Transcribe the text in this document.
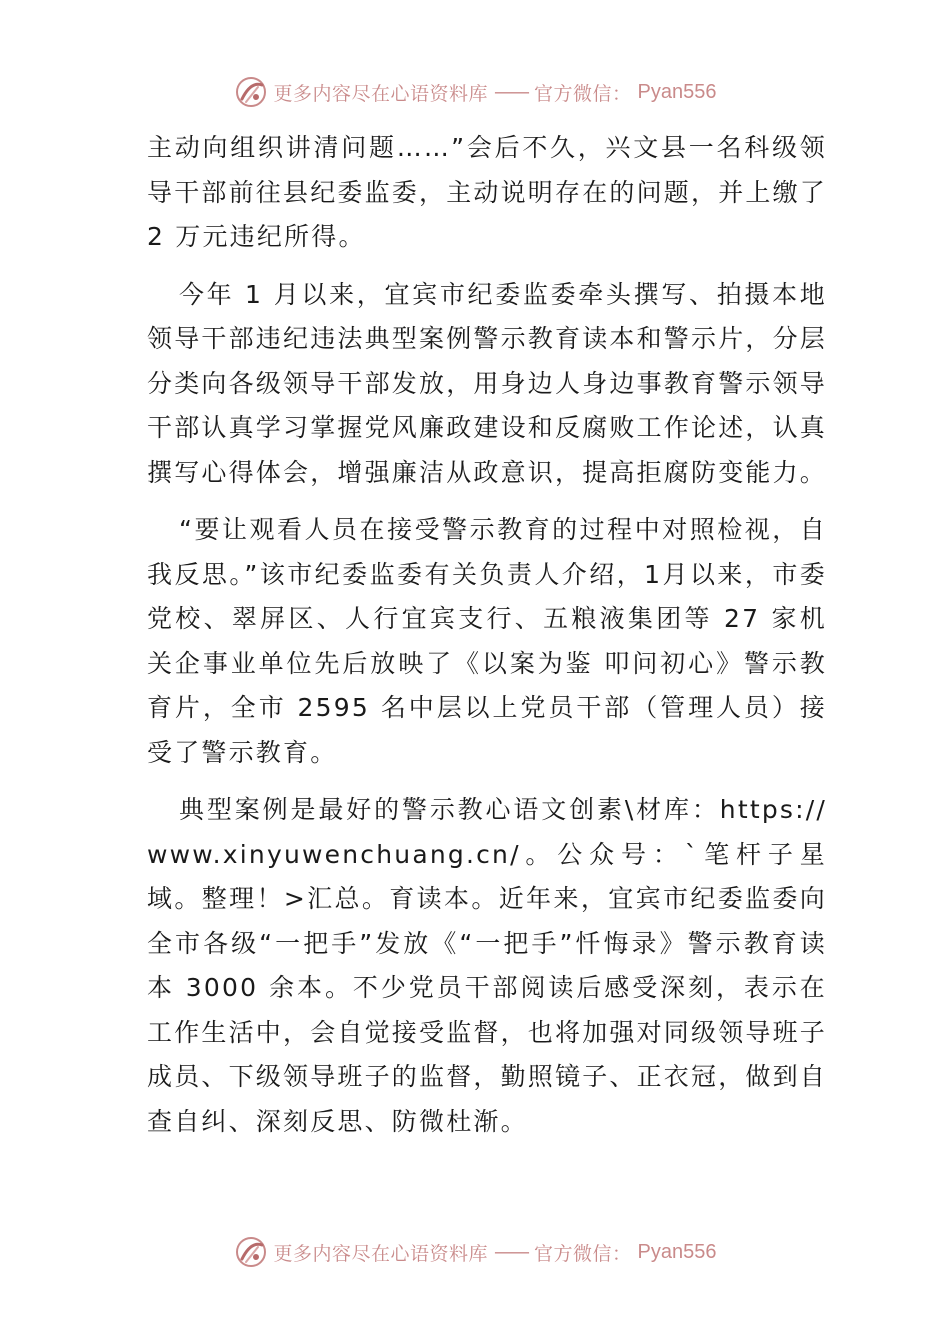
更多内容尽在心语资料库 —— 官方微信： Pyan556

主动向组织讲清问题……”会后不久，兴文县一名科级领导干部前往县纪委监委，主动说明存在的问题，并上缴了 2 万元违纪所得。

今年 1 月以来，宜宾市纪委监委牵头撰写、拍摄本地领导干部违纪违法典型案例警示教育读本和警示片，分层分类向各级领导干部发放，用身边人身边事教育警示领导干部认真学习掌握党风廉政建设和反腐败工作论述，认真撰写心得体会，增强廉洁从政意识，提高拒腐防变能力。

“要让观看人员在接受警示教育的过程中对照检视，自我反思。”该市纪委监委有关负责人介绍，1月以来，市委党校、翠屏区、人行宜宾支行、五粮液集团等 27 家机关企事业单位先后放映了《以案为鉴 叩问初心》警示教育片，全市 2595 名中层以上党员干部（管理人员）接受了警示教育。

典型案例是最好的警示教心语文创素\材库：https://www.xinyuwenchuang.cn/。公众号：`笔杆子星域。整理！>汇总。育读本。近年来，宜宾市纪委监委向全市各级“一把手”发放《“一把手”忏悔录》警示教育读本 3000 余本。不少党员干部阅读后感受深刻，表示在工作生活中，会自觉接受监督，也将加强对同级领导班子成员、下级领导班子的监督，勤照镜子、正衣冠，做到自查自纠、深刻反思、防微杜渐。

更多内容尽在心语资料库 —— 官方微信： Pyan556
